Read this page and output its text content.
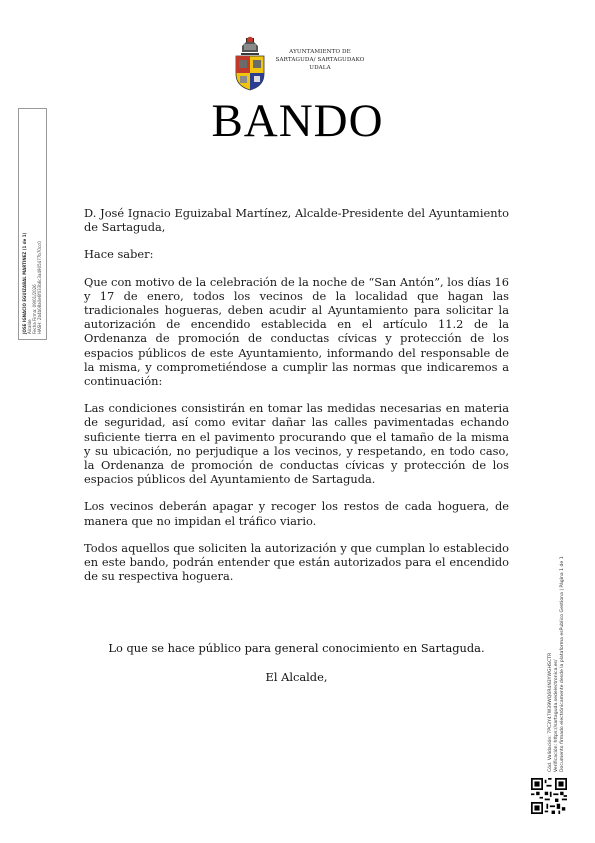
AYUNTAMIENTO DE
SARTAGUDA/ SARTAGUDAKO
UDALA
BANDO
JOSE IGNACIO EGUIZABAL MARTINEZ (1 de 1) Alcalde Fecha Firma: 09/01/2026 HASH: 2b4b08a0e6f033b6c3a4905477b70cc0

D. José Ignacio Eguizabal Martínez, Alcalde-Presidente del Ayuntamiento de Sartaguda,

Hace saber:

Que con motivo de la celebración de la noche de “San Antón”, los días 16 y 17 de enero, todos los vecinos de la localidad que hagan las tradicionales hogueras, deben acudir al Ayuntamiento para solicitar la autorización de encendido establecida en el artículo 11.2 de la Ordenanza de promoción de conductas cívicas y protección de los espacios públicos de este Ayuntamiento, informando del responsable de la misma, y comprometiéndose a cumplir las normas que indicaremos a continuación:

Las condiciones consistirán en tomar las medidas necesarias en materia de seguridad, así como evitar dañar las calles pavimentadas echando suficiente tierra en el pavimento procurando que el tamaño de la misma y su ubicación, no perjudique a los vecinos, y respetando, en todo caso, la Ordenanza de promoción de conductas cívicas y protección de los espacios públicos del Ayuntamiento de Sartaguda.

Los vecinos deberán apagar y recoger los restos de cada hoguera, de manera que no impidan el tráfico viario.

Todos aquellos que soliciten la autorización y que cumplan lo establecido en este bando, podrán entender que están autorizados para el encendido de su respectiva hoguera.

Lo que se hace público para general conocimiento en Sartaguda.

El Alcalde,	Cód. Validación: 7PC3Y47W39WQ6R4N3YWGHSCTR Verificación: https://sartaguda.sedelectronica.es/ Documento firmado electrónicamente desde la plataforma esPublico Gestiona | Página 1 de 1
